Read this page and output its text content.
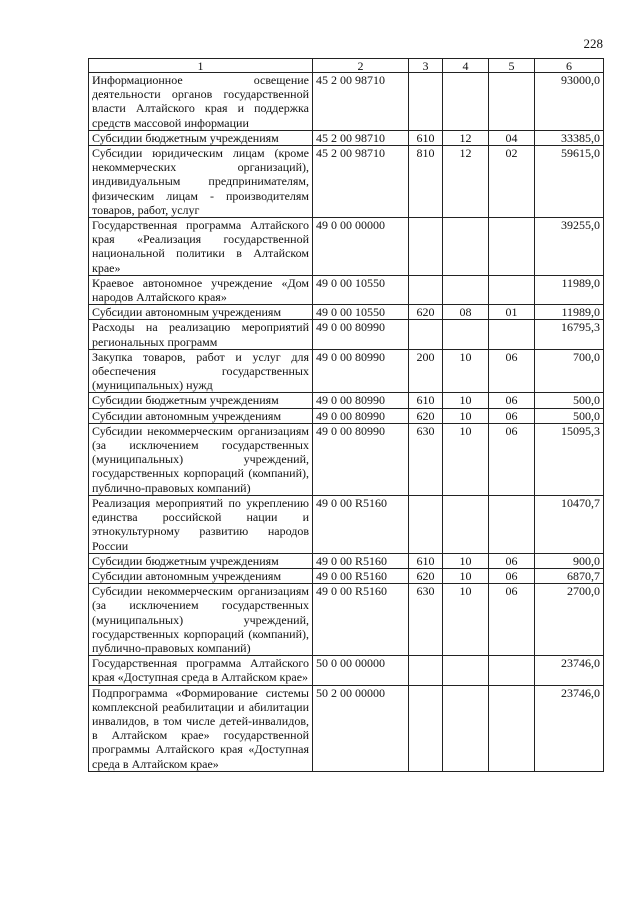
228
1	2	3	4	5	6
Информационное освещение деятельности органов государственной власти Алтайского края и поддержка средств массовой информации	45 2 00 98710				93000,0
Субсидии бюджетным учреждениям	45 2 00 98710	610	12	04	33385,0
Субсидии юридическим лицам (кроме некоммерческих организаций), индивидуальным предпринимателям, физическим лицам - производителям товаров, работ, услуг	45 2 00 98710	810	12	02	59615,0
Государственная программа Алтайского края «Реализация государственной национальной политики в Алтайском крае»	49 0 00 00000				39255,0
Краевое автономное учреждение «Дом народов Алтайского края»	49 0 00 10550				11989,0
Субсидии автономным учреждениям	49 0 00 10550	620	08	01	11989,0
Расходы на реализацию мероприятий региональных программ	49 0 00 80990				16795,3
Закупка товаров, работ и услуг для обеспечения государственных (муниципальных) нужд	49 0 00 80990	200	10	06	700,0
Субсидии бюджетным учреждениям	49 0 00 80990	610	10	06	500,0
Субсидии автономным учреждениям	49 0 00 80990	620	10	06	500,0
Субсидии некоммерческим организациям (за исключением государственных (муниципальных) учреждений, государственных корпораций (компаний), публично-правовых компаний)	49 0 00 80990	630	10	06	15095,3
Реализация мероприятий по укреплению единства российской нации и этнокультурному развитию народов России	49 0 00 R5160				10470,7
Субсидии бюджетным учреждениям	49 0 00 R5160	610	10	06	900,0
Субсидии автономным учреждениям	49 0 00 R5160	620	10	06	6870,7
Субсидии некоммерческим организациям (за исключением государственных (муниципальных) учреждений, государственных корпораций (компаний), публично-правовых компаний)	49 0 00 R5160	630	10	06	2700,0
Государственная программа Алтайского края «Доступная среда в Алтайском крае»	50 0 00 00000				23746,0
Подпрограмма «Формирование системы комплексной реабилитации и абилитации инвалидов, в том числе детей-инвалидов, в Алтайском крае» государственной программы Алтайского края «Доступная среда в Алтайском крае»	50 2 00 00000				23746,0
